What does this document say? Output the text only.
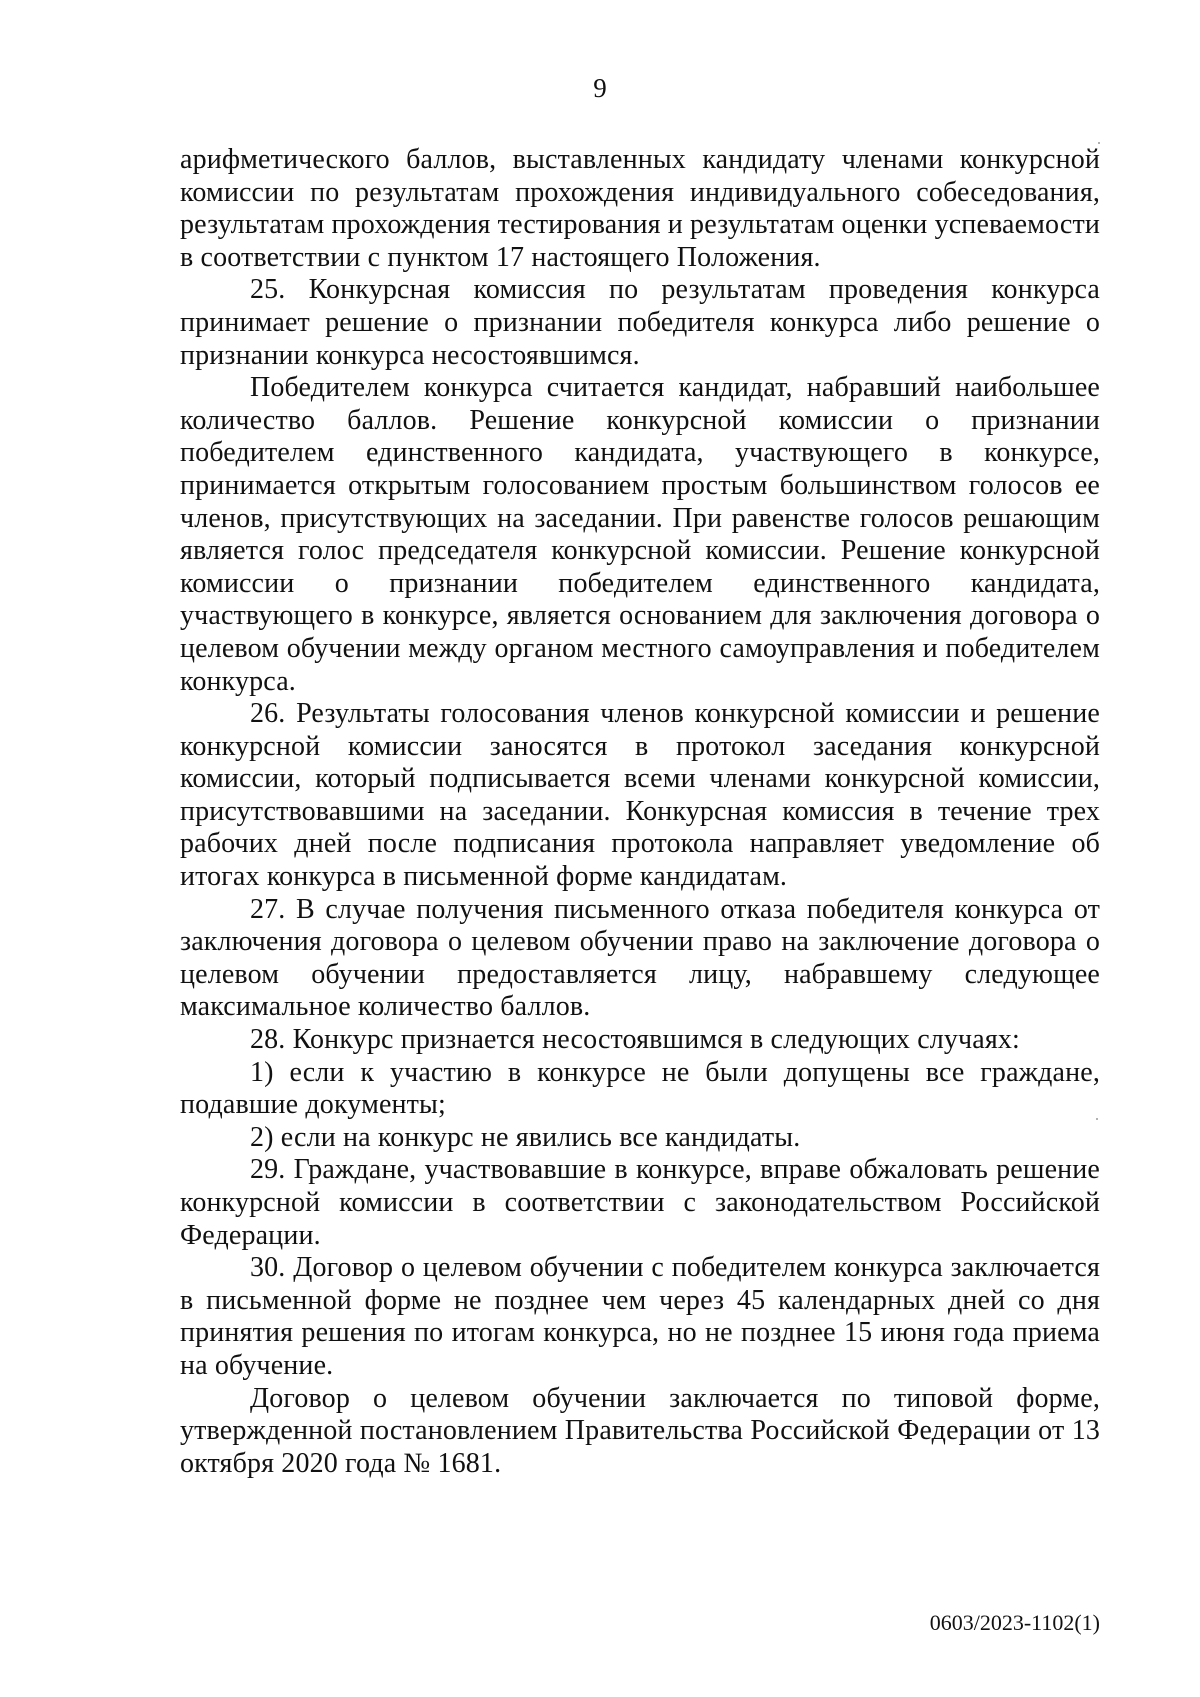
9

арифметического баллов, выставленных кандидату членами конкурсной комиссии по результатам прохождения индивидуального собеседования, результатам прохождения тестирования и результатам оценки успеваемости в соответствии с пунктом 17 настоящего Положения.

25. Конкурсная комиссия по результатам проведения конкурса принимает решение о признании победителя конкурса либо решение о признании конкурса несостоявшимся.

Победителем конкурса считается кандидат, набравший наибольшее количество баллов. Решение конкурсной комиссии о признании победителем единственного кандидата, участвующего в конкурсе, принимается открытым голосованием простым большинством голосов ее членов, присутствующих на заседании. При равенстве голосов решающим является голос председателя конкурсной комиссии. Решение конкурсной комиссии о признании победителем единственного кандидата, участвующего в конкурсе, является основанием для заключения договора о целевом обучении между органом местного самоуправления и победителем конкурса.

26. Результаты голосования членов конкурсной комиссии и решение конкурсной комиссии заносятся в протокол заседания конкурсной комиссии, который подписывается всеми членами конкурсной комиссии, присутствовавшими на заседании. Конкурсная комиссия в течение трех рабочих дней после подписания протокола направляет уведомление об итогах конкурса в письменной форме кандидатам.

27. В случае получения письменного отказа победителя конкурса от заключения договора о целевом обучении право на заключение договора о целевом обучении предоставляется лицу, набравшему следующее максимальное количество баллов.

28. Конкурс признается несостоявшимся в следующих случаях:

1) если к участию в конкурсе не были допущены все граждане, подавшие документы;

2) если на конкурс не явились все кандидаты.

29. Граждане, участвовавшие в конкурсе, вправе обжаловать решение конкурсной комиссии в соответствии с законодательством Российской Федерации.

30. Договор о целевом обучении с победителем конкурса заключается в письменной форме не позднее чем через 45 календарных дней со дня принятия решения по итогам конкурса, но не позднее 15 июня года приема на обучение.

Договор о целевом обучении заключается по типовой форме, утвержденной постановлением Правительства Российской Федерации от 13 октября 2020 года № 1681.

0603/2023-1102(1)
